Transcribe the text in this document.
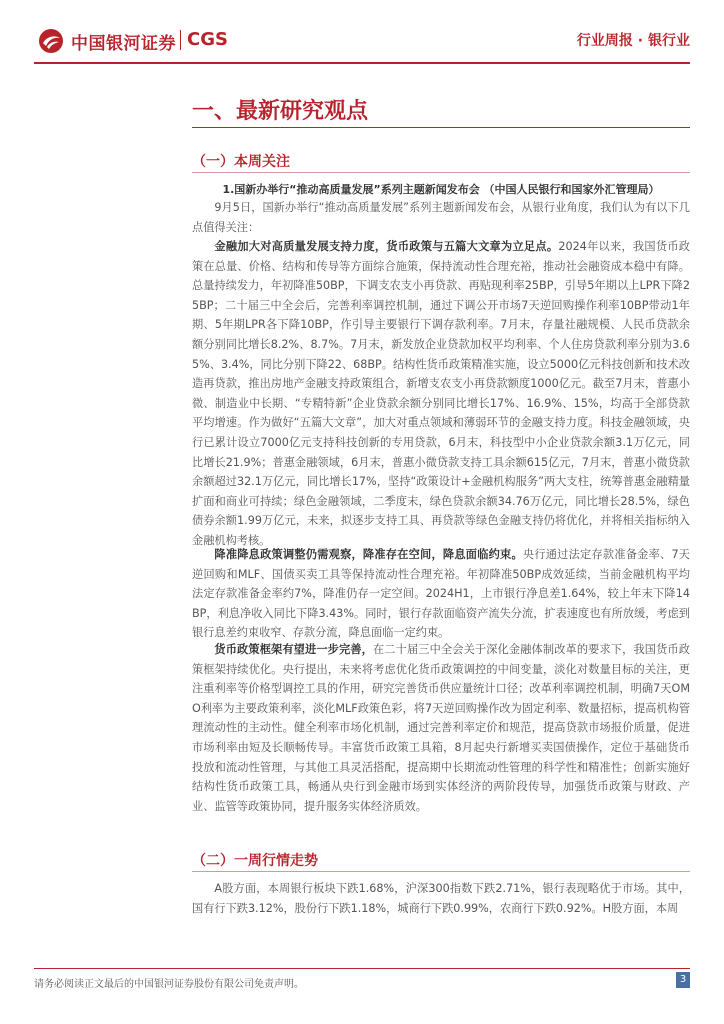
中国银河证券 CGS	行业周报 · 银行业
一、最新研究观点
（一）本周关注
1.国新办举行“推动高质量发展”系列主题新闻发布会 （中国人民银行和国家外汇管理局）

9月5日，国新办举行“推动高质量发展”系列主题新闻发布会，从银行业角度，我们认为有以下几点值得关注：

金融加大对高质量发展支持力度，货币政策与五篇大文章为立足点。2024年以来，我国货币政策在总量、价格、结构和传导等方面综合施策，保持流动性合理充裕，推动社会融资成本稳中有降。总量持续发力，年初降准50BP，下调支农支小再贷款、再贴现利率25BP，引导5年期以上LPR下降25BP；二十届三中全会后，完善利率调控机制，通过下调公开市场7天逆回购操作利率10BP带动1年期、5年期LPR各下降10BP，作引导主要银行下调存款利率。7月末，存量社融规模、人民币贷款余额分别同比增长8.2%、8.7%。7月末，新发放企业贷款加权平均利率、个人住房贷款利率分别为3.65%、3.4%，同比分别下降22、68BP。结构性货币政策精准实施，设立5000亿元科技创新和技术改造再贷款，推出房地产金融支持政策组合，新增支农支小再贷款额度1000亿元。截至7月末，普惠小微、制造业中长期、“专精特新”企业贷款余额分别同比增长17%、16.9%、15%，均高于全部贷款平均增速。作为做好“五篇大文章”，加大对重点领域和薄弱环节的金融支持力度。科技金融领域，央行已累计设立7000亿元支持科技创新的专用贷款，6月末，科技型中小企业贷款余额3.1万亿元，同比增长21.9%；普惠金融领域，6月末，普惠小微贷款支持工具余额615亿元，7月末，普惠小微贷款余额超过32.1万亿元，同比增长17%，坚持“政策设计+金融机构服务”两大支柱，统筹普惠金融精量扩面和商业可持续；绿色金融领域，二季度末，绿色贷款余额34.76万亿元，同比增长28.5%，绿色债券余额1.99万亿元，未来，拟逐步支持工具、再贷款等绿色金融支持仍将优化，并将相关指标纳入金融机构考核。

降准降息政策调整仍需观察，降准存在空间，降息面临约束。央行通过法定存款准备金率、7天逆回购和MLF、国债买卖工具等保持流动性合理充裕。年初降准50BP成效延续，当前金融机构平均法定存款准备金率约7%，降准仍存一定空间。2024H1，上市银行净息差1.64%，较上年末下降14BP，利息净收入同比下降3.43%。同时，银行存款面临资产流失分流，扩表速度也有所放缓，考虑到银行息差约束收窄、存款分流，降息面临一定约束。

货币政策框架有望进一步完善，在二十届三中全会关于深化金融体制改革的要求下，我国货币政策框架持续优化。央行提出，未来将考虑优化货币政策调控的中间变量，淡化对数量目标的关注，更注重利率等价格型调控工具的作用，研究完善货币供应量统计口径；改革利率调控机制，明确7天OMO利率为主要政策利率，淡化MLF政策色彩，将7天逆回购操作改为固定利率、数量招标，提高机构管理流动性的主动性。健全利率市场化机制，通过完善利率定价和规范，提高贷款市场报价质量，促进市场利率由短及长顺畅传导。丰富货币政策工具箱，8月起央行新增买卖国债操作，定位于基础货币投放和流动性管理，与其他工具灵活搭配，提高期中长期流动性管理的科学性和精准性；创新实施好结构性货币政策工具，畅通从央行到金融市场到实体经济的两阶段传导，加强货币政策与财政、产业、监管等政策协同，提升服务实体经济质效。

（二）一周行情走势

A股方面，本周银行板块下跌1.68%，沪深300指数下跌2.71%，银行表现略优于市场。其中，国有行下跌3.12%，股份行下跌1.18%，城商行下跌0.99%，农商行下跌0.92%。H股方面，本周

请务必阅读正文最后的中国银河证券股份有限公司免责声明。	3
